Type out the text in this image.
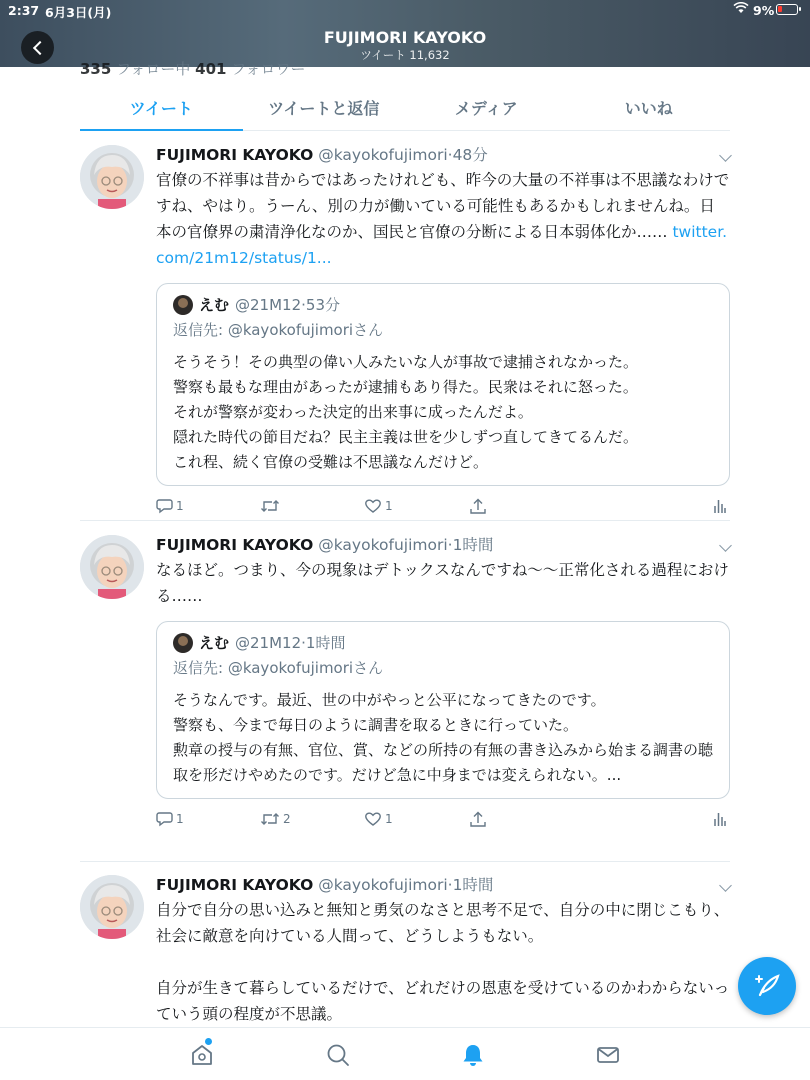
2:37 6月3日(月)	9%
FUJIMORI KAYOKO
ツイート 11,632
335 フォロー中 401 フォロワー
ツイート	ツイートと返信	メディア	いいね
FUJIMORI KAYOKO @kayokofujimori·48分
官僚の不祥事は昔からではあったけれども、昨今の大量の不祥事は不思議なわけですね、やはり。うーん、別の力が働いている可能性もあるかもしれませんね。日本の官僚界の粛清浄化なのか、国民と官僚の分断による日本弱体化か…… twitter.com/21m12/status/1...
えむ @21M12 ·53分
返信先: @kayokofujimoriさん
そうそう！その典型の偉い人みたいな人が事故で逮捕されなかった。
警察も最もな理由があったが逮捕もあり得た。民衆はそれに怒った。
それが警察が変わった決定的出来事に成ったんだよ。
隠れた時代の節目だね？民主主義は世を少しずつ直してきてるんだ。
これ程、続く官僚の受難は不思議なんだけど。
1	1
FUJIMORI KAYOKO @kayokofujimori·1時間
なるほど。つまり、今の現象はデトックスなんですね〜〜正常化される過程における……
えむ @21M12 ·1時間
返信先: @kayokofujimoriさん
そうなんです。最近、世の中がやっと公平になってきたのです。
警察も、今まで毎日のように調書を取るときに行っていた。
勲章の授与の有無、官位、賞、などの所持の有無の書き込みから始まる調書の聴取を形だけやめたのです。だけど急に中身までは変えられない。...
1	2	1
FUJIMORI KAYOKO @kayokofujimori·1時間
自分で自分の思い込みと無知と勇気のなさと思考不足で、自分の中に閉じこもり、社会に敵意を向けている人間って、どうしようもない。

自分が生きて暮らしているだけで、どれだけの恩恵を受けているのかわからないっていう頭の程度が不思議。
